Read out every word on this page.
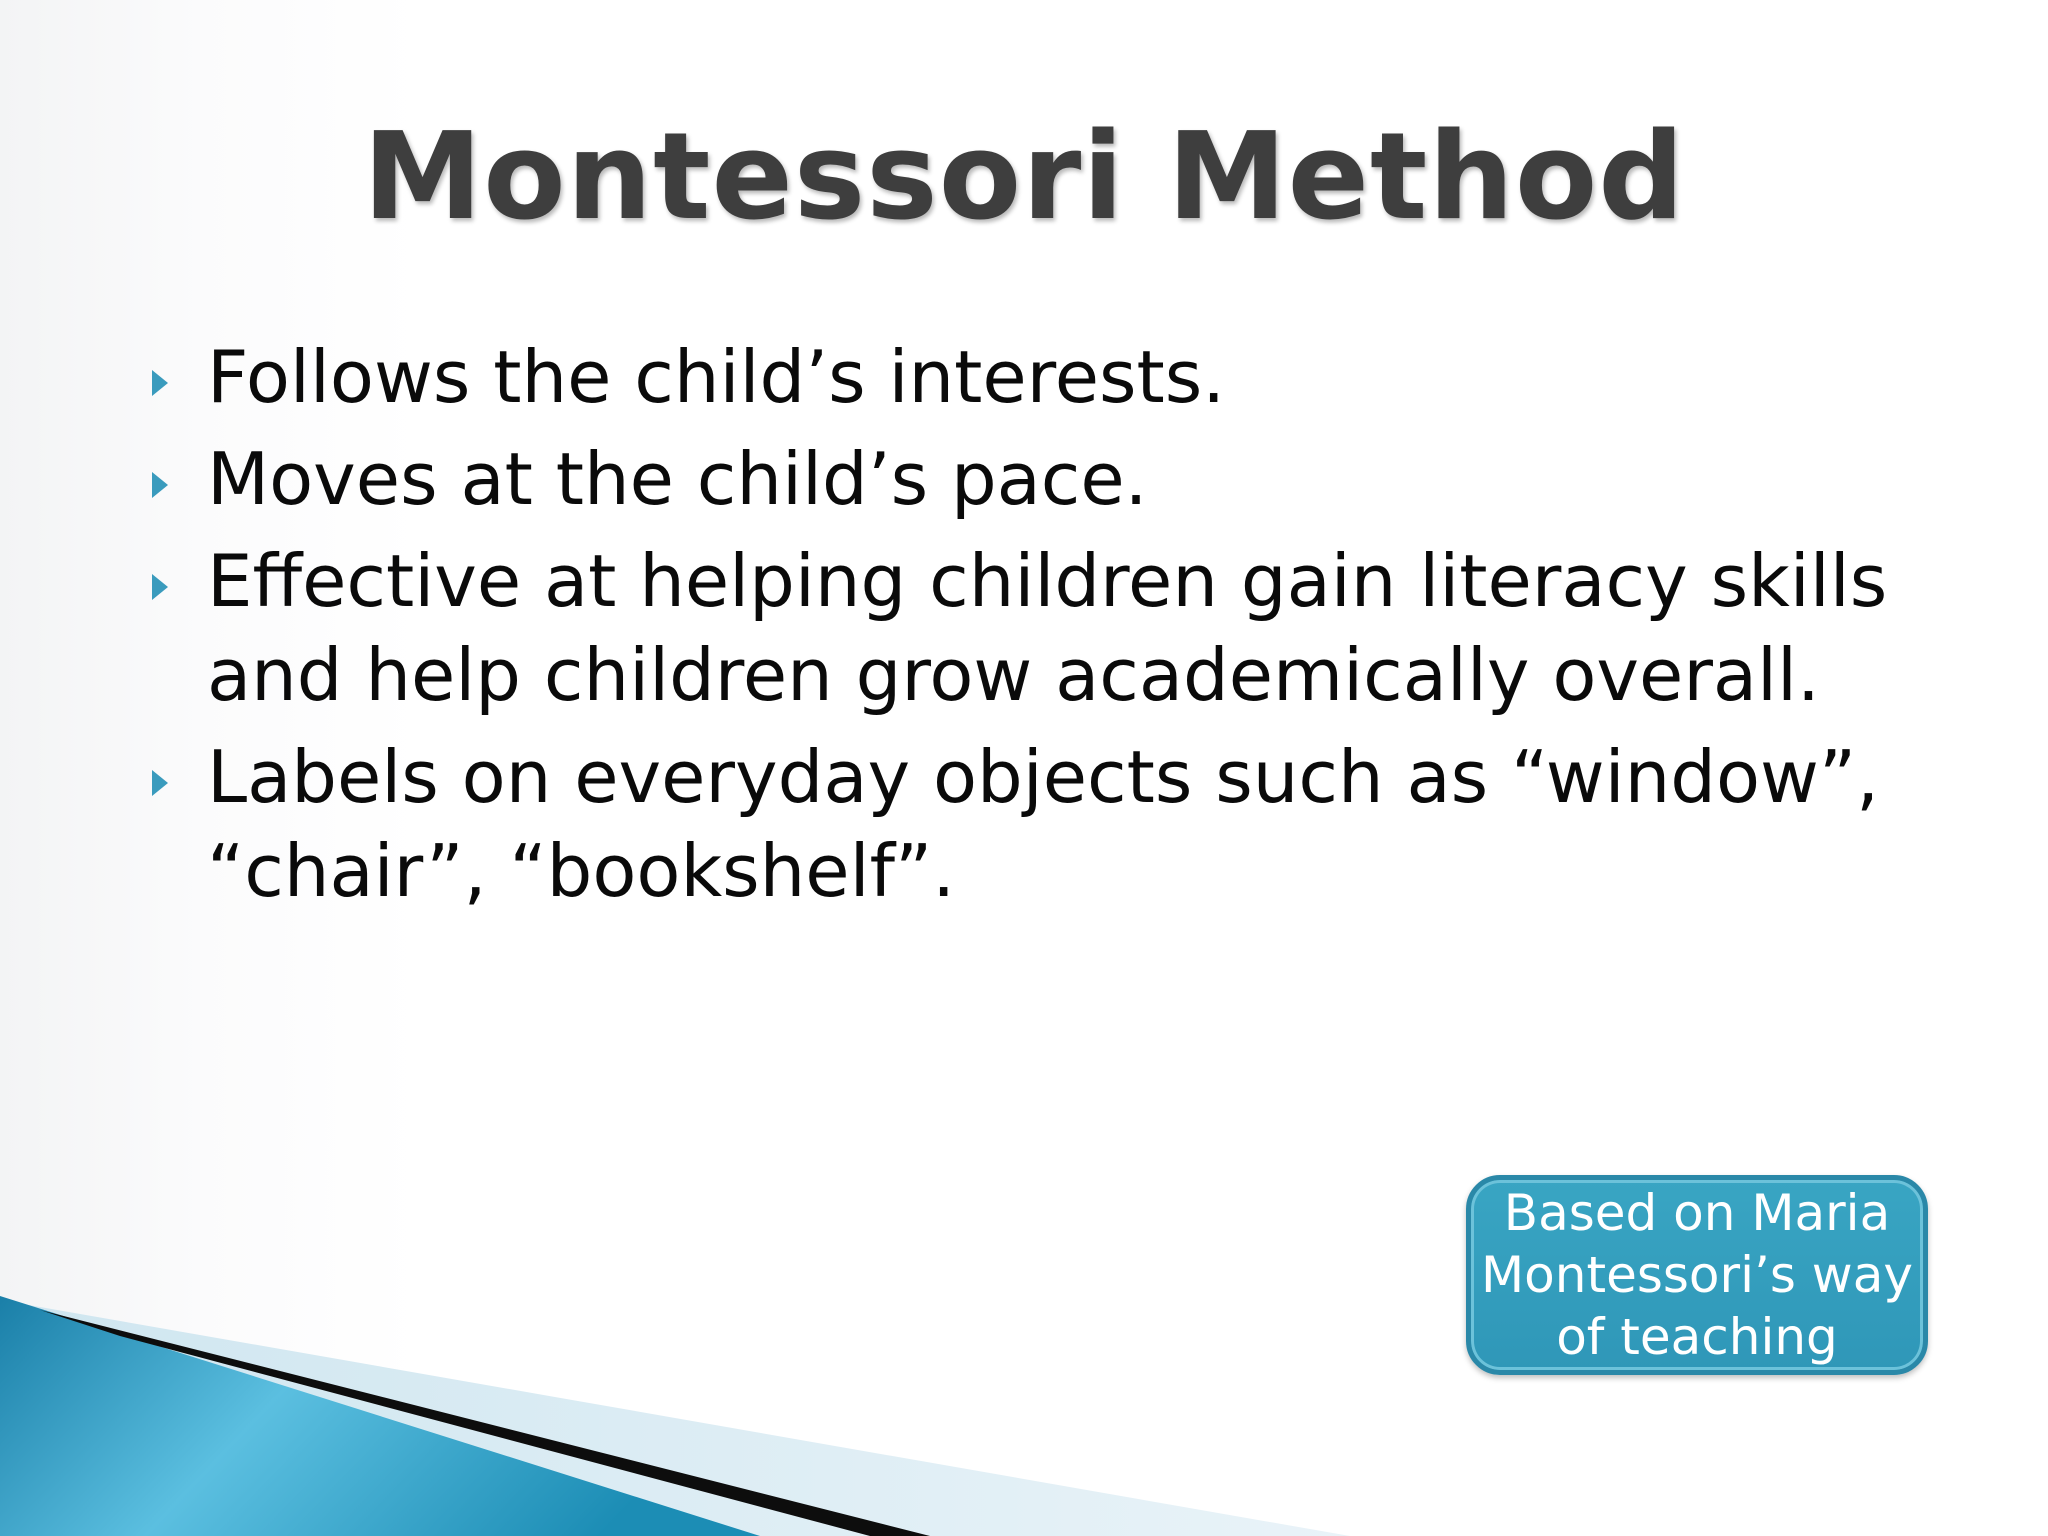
Montessori Method
Follows the child’s interests.
Moves at the child’s pace.
Effective at helping children gain literacy skills and help children grow academically overall.
Labels on everyday objects such as “window”, “chair”, “bookshelf”.
Based on Maria Montessori’s way of teaching
